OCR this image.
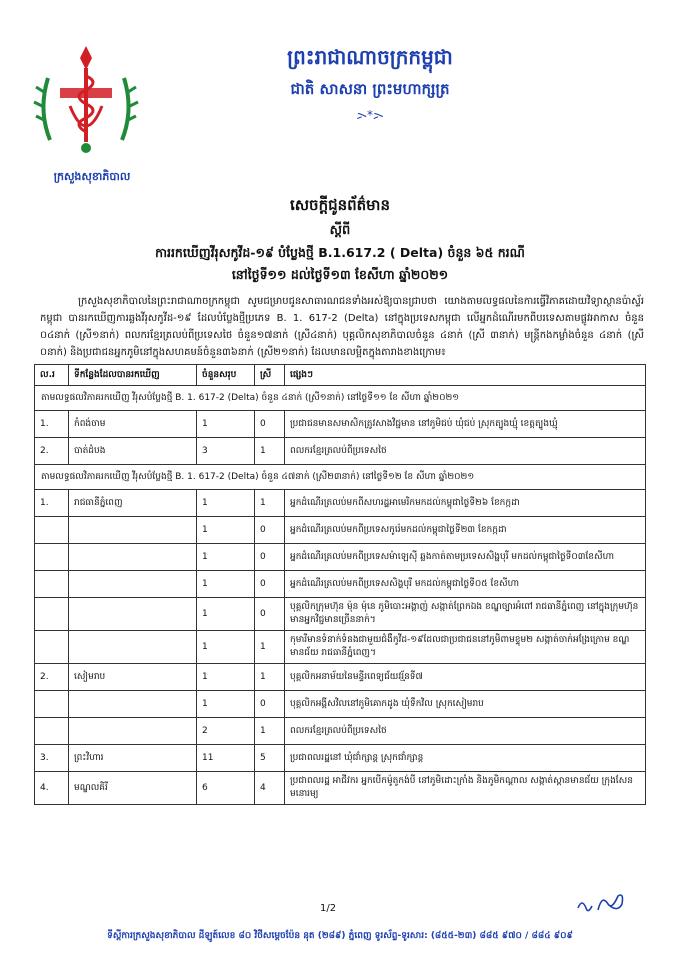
ក្រសួងសុខាភិបាល
ព្រះរាជាណាចក្រកម្ពុជា
ជាតិ សាសនា ព្រះមហាក្សត្រ
ᯢ*ᯢ
សេចក្តីជូនព័ត៌មាន
ស្តីពី
ការរកឃើញវីរុសកូវីដ-១៩ បំប្លែងថ្មី B.1.617.2 ( Delta) ចំនួន ៦៥ ករណី
នៅថ្ងៃទី១១ ដល់ថ្ងៃទី១៣ ខែសីហា ឆ្នាំ២០២១
ក្រសួងសុខាភិបាលនៃព្រះរាជាណាចក្រកម្ពុជា សូមជម្រាបជូនសាធារណជនទាំងអស់ឱ្យបានជ្រាបថា យោងតាមលទ្ធផលនៃការធ្វើវិភាគដោយវិទ្យាស្ថានប៉ាស្ទ័រកម្ពុជា បានរកឃើញការឆ្លងវីរុសកូវីដ-១៩ ដែលបំប្លែងថ្មីប្រភេទ B. 1. 617-2 (Delta) នៅក្នុងប្រទេសកម្ពុជា លើអ្នកដំណើរមកពីបរទេសតាមផ្លូវអាកាស ចំនួន ០៤នាក់ (ស្រី១នាក់) ពលករខ្មែរត្រលប់ពីប្រទេសថៃ ចំនួន១៧នាក់ (ស្រី៤នាក់) បុគ្គលិកសុខាភិបាលចំនួន ៤នាក់ (ស្រី ៣នាក់) មន្ត្រីកងកម្លាំងចំនួន ៤នាក់ (ស្រី ០នាក់) និងប្រជាជនអ្នកភូមិនៅក្នុងសហគមន៍ចំនួន៣៦នាក់ (ស្រី២១នាក់) ដែលមានលម្អិតក្នុងតារាងខាងក្រោម៖
ល.រ	ទីកន្លែងដែលបានរកឃើញ	ចំនួនសរុប	ស្រី	ផ្សេងៗ
តាមលទ្ធផលវិភាគរកឃើញ វីរុសបំប្លែងថ្មី B. 1. 617-2 (Delta) ចំនួន ៤នាក់ (ស្រី១នាក់) នៅថ្ងៃទី១១ ខែ សីហា ឆ្នាំ២០២១				
1.	កំពង់ចាម	1	0	ប្រជាជនមានសមាសិកត្រូវសាងវិជ្ជមាន នៅភូមិជប់ ឃុំជប់ ស្រុកត្បូងឃ្មុំ ខេត្តត្បូងឃ្មុំ
2.	បាត់ដំបង	3	1	ពលករខ្មែរត្រលប់ពីប្រទេសថៃ
តាមលទ្ធផលវិភាគរកឃើញ វីរុសបំប្លែងថ្មី B. 1. 617-2 (Delta) ចំនួន ៤៧នាក់ (ស្រី២៣នាក់) នៅថ្ងៃទី១២ ខែ សីហា ឆ្នាំ២០២១				
1.	រាជធានីភ្នំពេញ	1	1	អ្នកដំណើរត្រលប់មកពីសហរដ្ឋអាមេរិកមកដល់កម្ពុជាថ្ងៃទី២៦ ខែកក្កដា
		1	0	អ្នកដំណើរត្រលប់មកពីប្រទេសកូរ៉េមកដល់កម្ពុជាថ្ងៃទី២៣ ខែកក្កដា
		1	0	អ្នកដំណើរត្រលប់មកពីប្រទេសម៉ាឡេស៊ី ឆ្លងកាត់តាមប្រទេសសិង្ហបុរី មកដល់កម្ពុជាថ្ងៃទី០៣ខែសីហា
		1	0	អ្នកដំណើរត្រលប់មកពីប្រទេសសិង្ហបុរី មកដល់កម្ពុជាថ្ងៃទី០៥ ខែសីហា
		1	0	បុគ្គលិកក្រុមហ៊ុន ម៉ុន ម៉ុនេ ភូមិបោះអង្គាញ់ សង្កាត់ព្រែកឯង ខណ្ឌច្បារអំពៅ រាជធានីភ្នំពេញ នៅក្នុងក្រុមហ៊ុនមានអ្នកវិជ្ជមានច្រើននាក់។
		1	1	កុមារីមានទំនាក់ទំនងជាមួយជំងឺកូវីដ-១៩ដែលជាប្រជាជននៅភូមិពាមខ្ទុម២ សង្កាត់ចាក់អង្រែក្រោម ខណ្ឌមានជ័យ រាជធានីភ្នំពេញ។
2.	សៀមរាប	1	1	បុគ្គលិកអនាម័យនៃមន្ទីរពេទ្យជ័យវរ្ម័នទី៧
		1	0	បុគ្គលិកអង្គីសវិលនៅភូមិគោកដូង ឃុំទឹកវិល ស្រុកសៀមរាប
		2	1	ពលករខ្មែរត្រលប់ពីប្រទេសថៃ
3.	ព្រះវិហារ	11	5	ប្រជាពលរដ្ឋនៅ ឃុំជាំក្សាន្ត ស្រុកជាំក្សាន្ត
4.	មណ្ឌលគិរី	6	4	ប្រជាពលរដ្ឋ អាជីវករ អ្នកបើកម៉ូតូកង់បី នៅភូមិដោះក្រាំង និងភូមិកណ្តាល សង្កាត់ស្ពានមានជ័យ ក្រុងសែនមនោរម្យ
1/2
ទីស្តីការក្រសួងសុខាភិបាល ដីឡូត៍លេខ ៨០ វិថីសម្តេចប៉ែន នុត (២៨៩) ភ្នំពេញ ទូរស័ព្ទ-ទូរសារ: (៨៥៥-២៣) ៨៨៥ ៩៧០ / ៨៨៤ ៩០៩
